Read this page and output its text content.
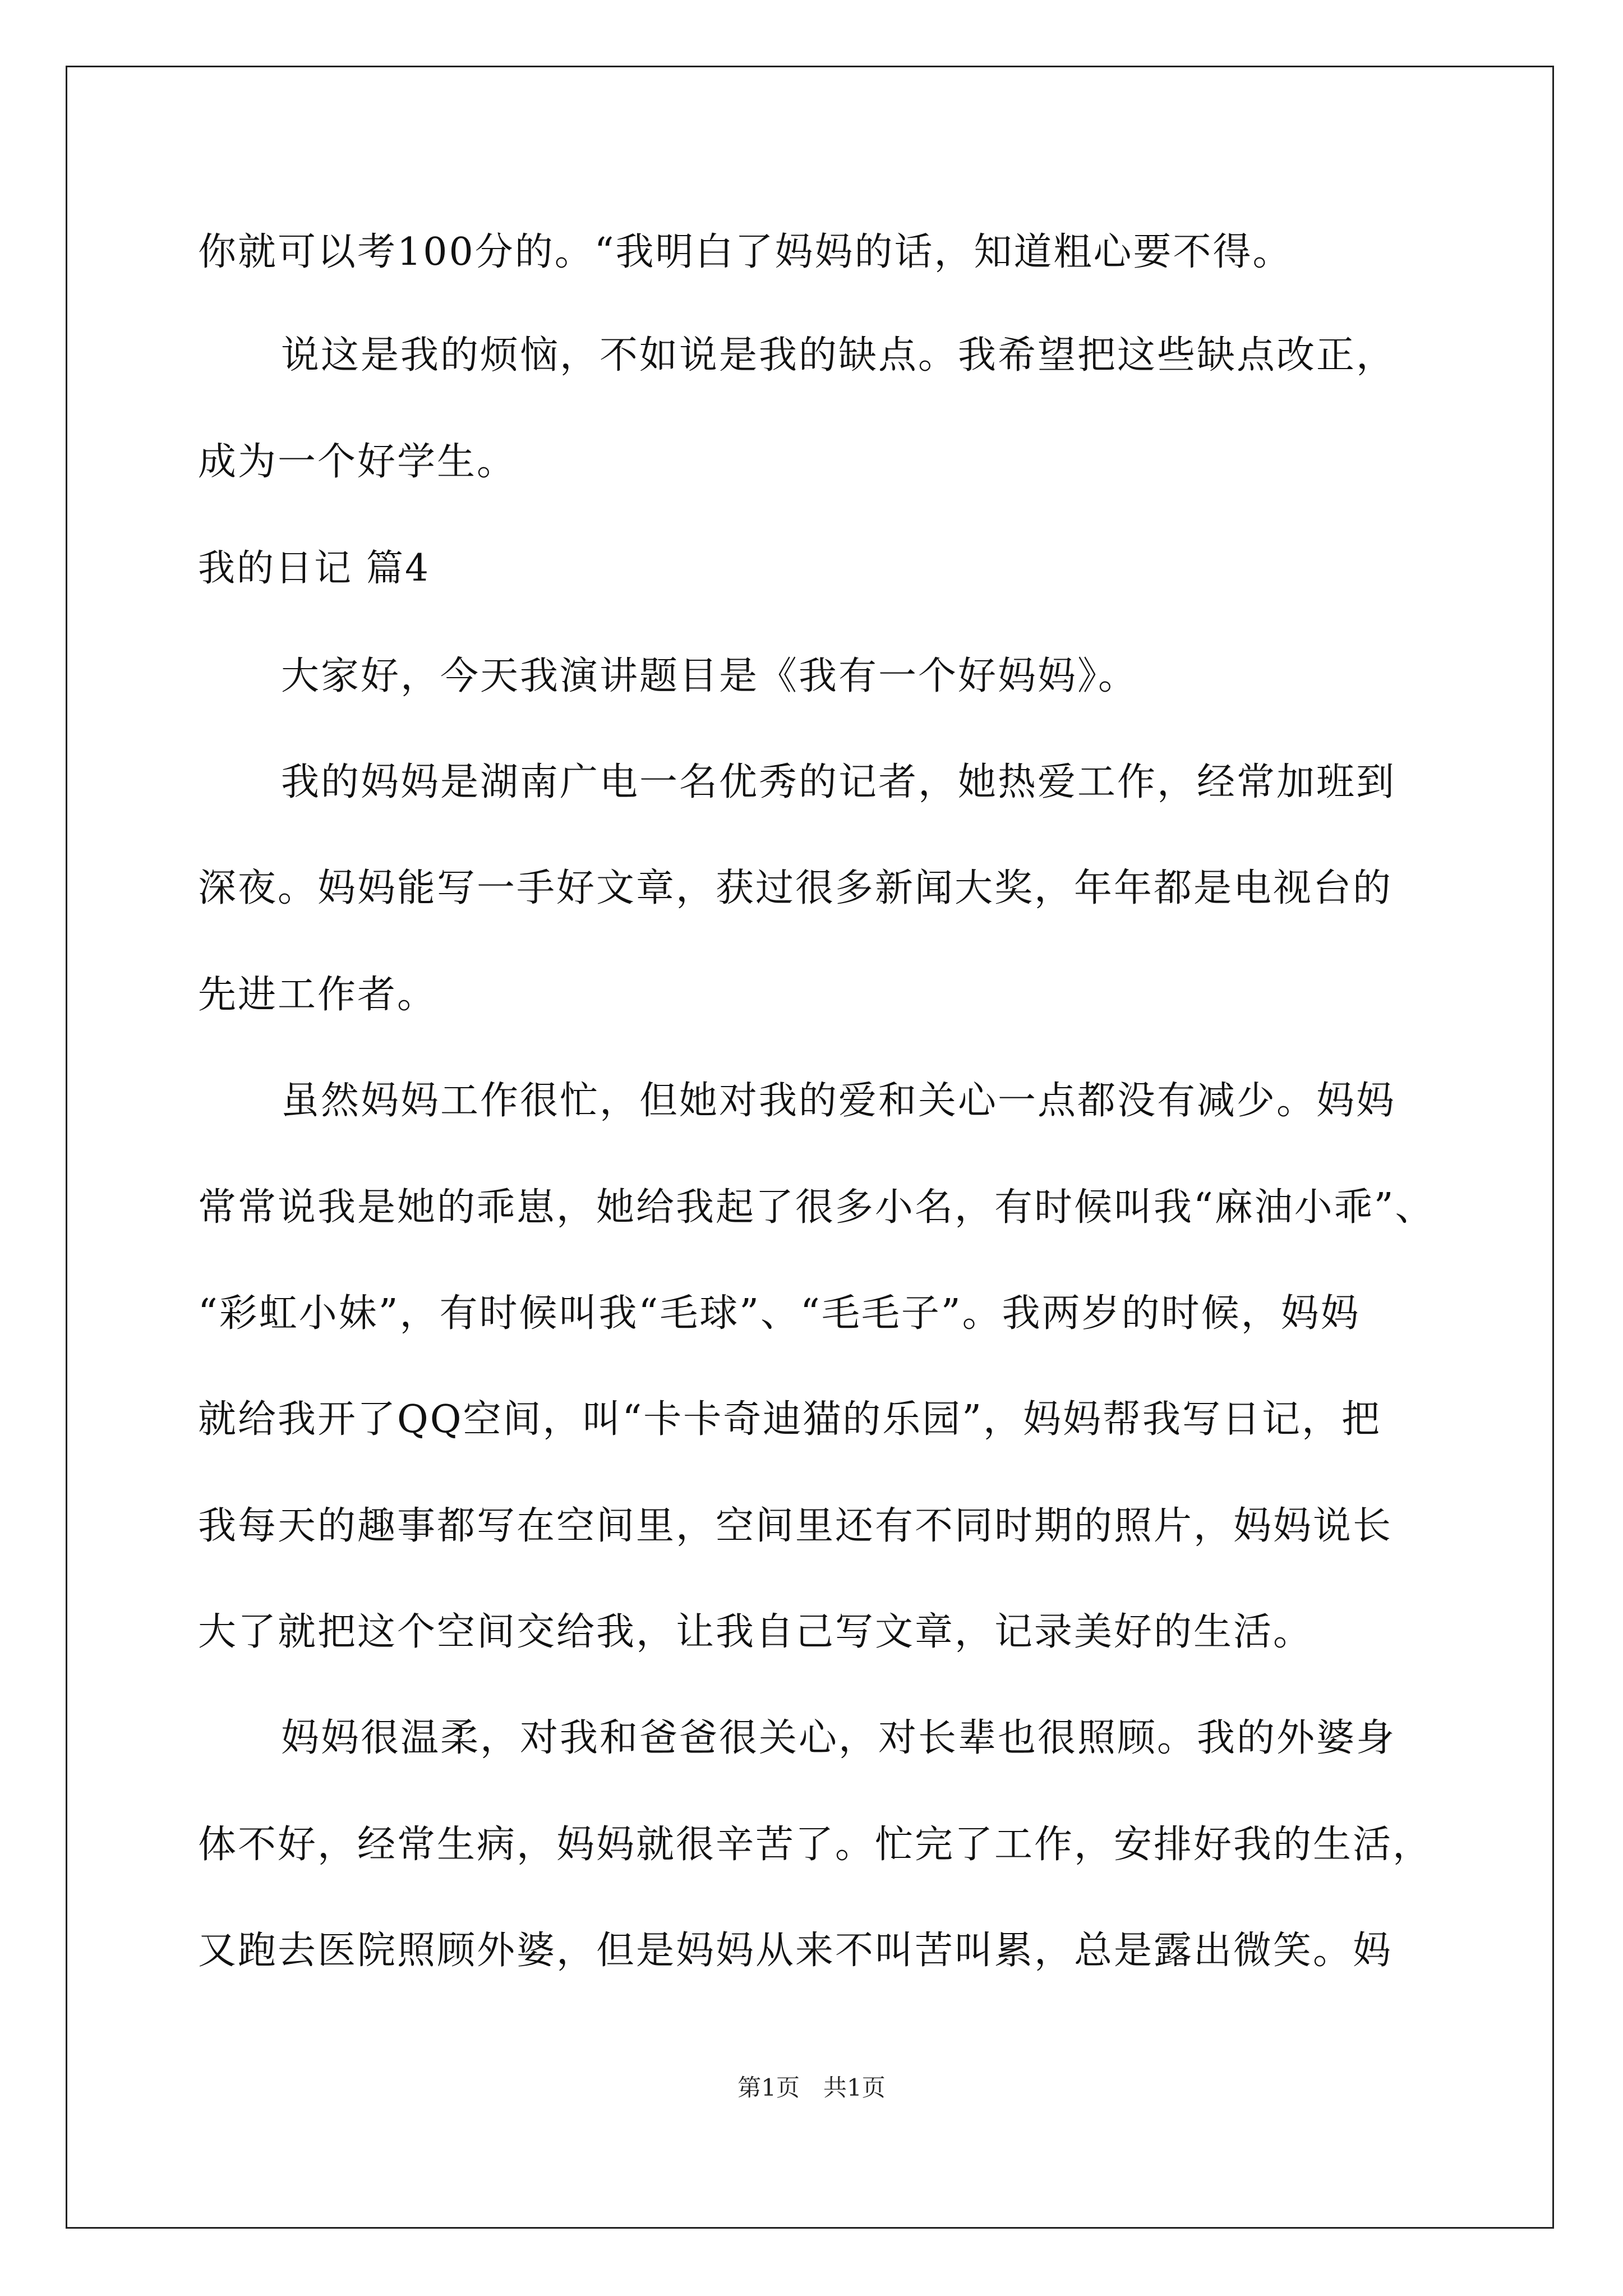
你就可以考100分的。“我明白了妈妈的话，知道粗心要不得。
说这是我的烦恼，不如说是我的缺点。我希望把这些缺点改正，
成为一个好学生。
我的日记 篇4
大家好，今天我演讲题目是《我有一个好妈妈》。
我的妈妈是湖南广电一名优秀的记者，她热爱工作，经常加班到
深夜。妈妈能写一手好文章，获过很多新闻大奖，年年都是电视台的
先进工作者。
虽然妈妈工作很忙，但她对我的爱和关心一点都没有减少。妈妈
常常说我是她的乖崽，她给我起了很多小名，有时候叫我“麻油小乖”、
“彩虹小妹”，有时候叫我“毛球”、“毛毛子”。我两岁的时候，妈妈
就给我开了QQ空间，叫“卡卡奇迪猫的乐园”，妈妈帮我写日记，把
我每天的趣事都写在空间里，空间里还有不同时期的照片，妈妈说长
大了就把这个空间交给我，让我自己写文章，记录美好的生活。
妈妈很温柔，对我和爸爸很关心，对长辈也很照顾。我的外婆身
体不好，经常生病，妈妈就很辛苦了。忙完了工作，安排好我的生活，
又跑去医院照顾外婆，但是妈妈从来不叫苦叫累，总是露出微笑。妈
第1页　共1页
